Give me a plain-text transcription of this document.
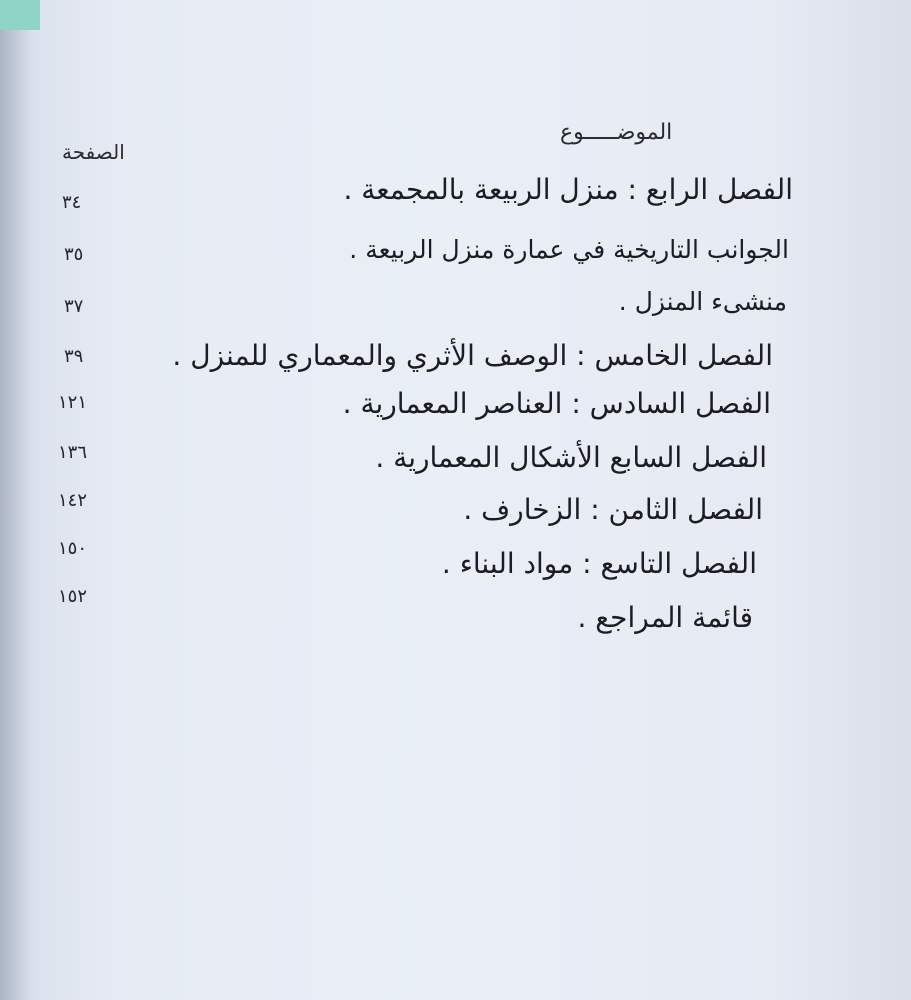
الموضـــــوع
الصفحة
الفصل الرابع : منزل الربيعة بالمجمعة .
٣٤
الجوانب التاريخية في عمارة منزل الربيعة .
٣٥
منشىء المنزل .
٣٧
الفصل الخامس : الوصف الأثري والمعماري للمنزل .
٣٩
الفصل السادس : العناصر المعمارية .
١٢١
الفصل السابع الأشكال المعمارية .
١٣٦
الفصل الثامن : الزخارف .
١٤٢
الفصل التاسع : مواد البناء .
١٥٠
قائمة المراجع .
١٥٢
